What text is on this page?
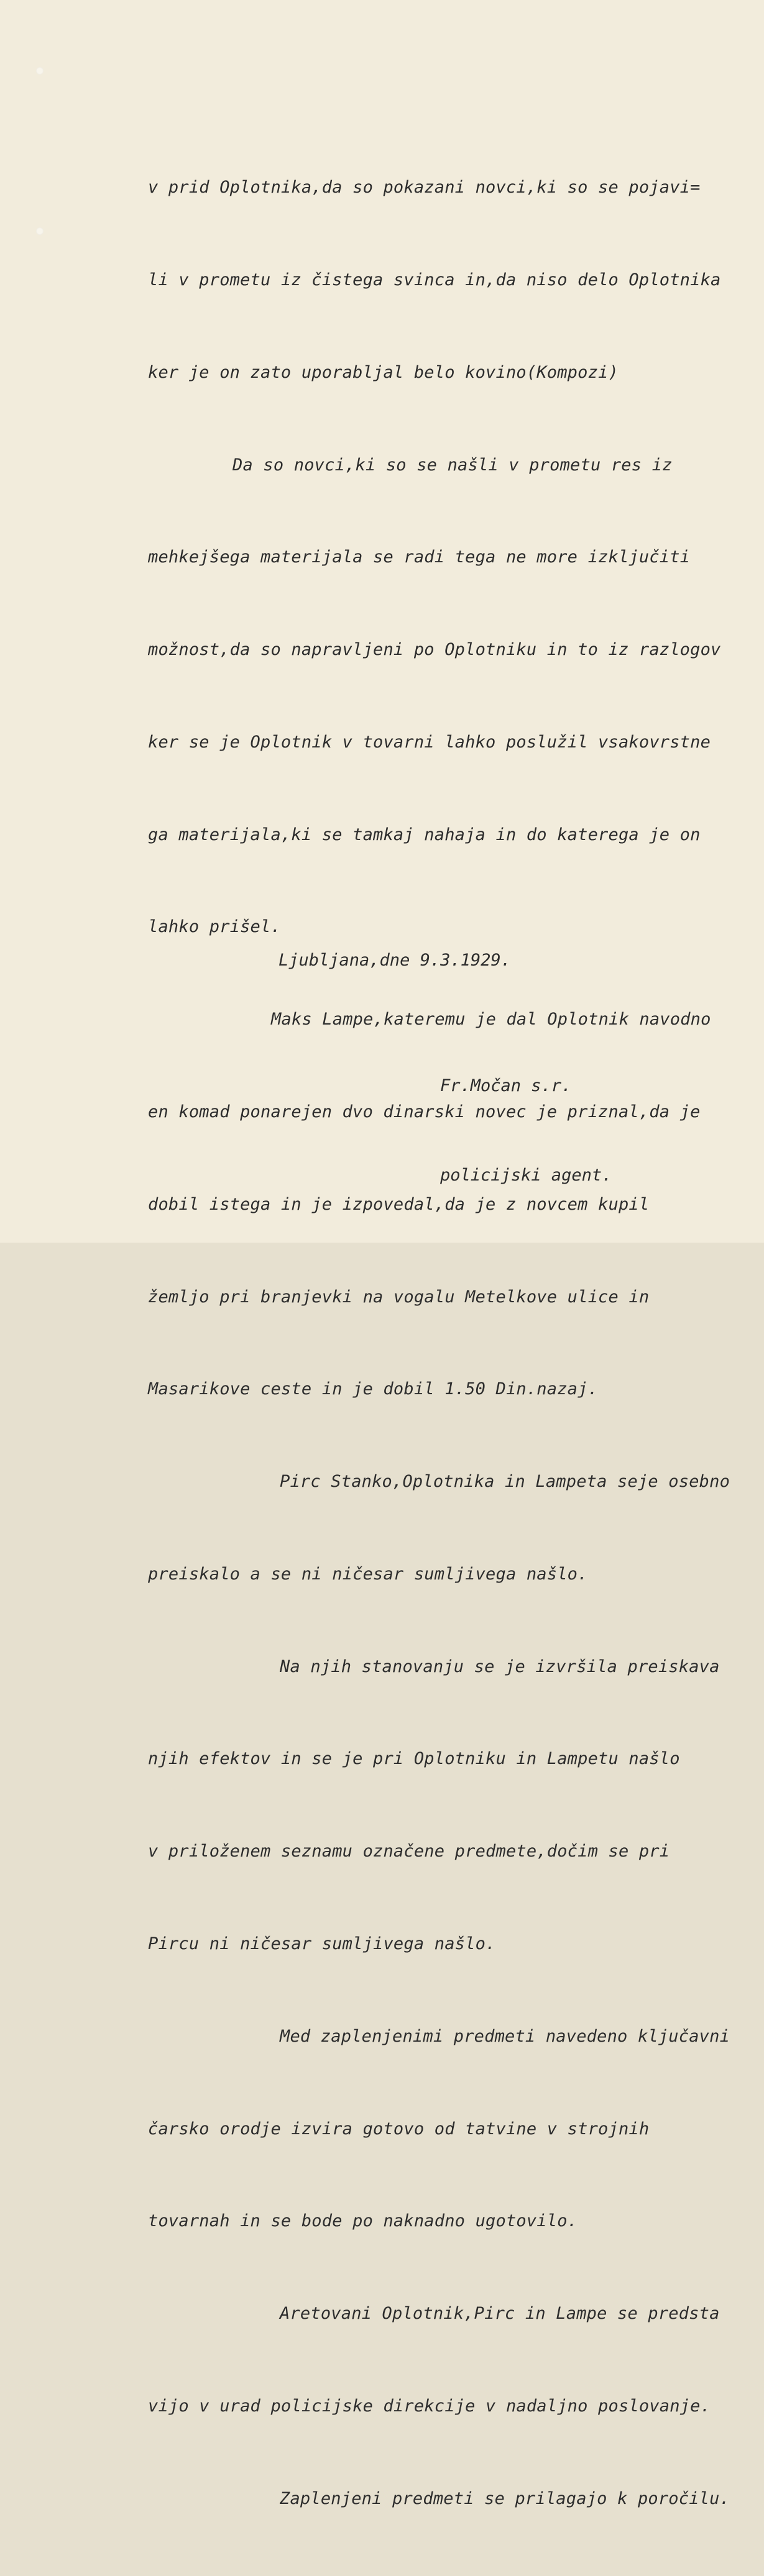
v prid Oplotnika,da so pokazani novci,ki so se pojavi=

li v prometu iz čistega svinca in,da niso delo Oplotnika

ker je on zato uporabljal belo kovino(Kompozi)

Da so novci,ki so se našli v prometu res iz

mehkejšega materijala se radi tega ne more izključiti

možnost,da so napravljeni po Oplotniku in to iz razlogov

ker se je Oplotnik v tovarni lahko poslužil vsakovrstne

ga materijala,ki se tamkaj nahaja in do katerega je on

lahko prišel.

Maks Lampe,kateremu je dal Oplotnik navodno

en komad ponarejen dvo dinarski novec je priznal,da je

dobil istega in je izpovedal,da je z novcem kupil

žemljo pri branjevki na vogalu Metelkove ulice in

Masarikove ceste in je dobil 1.50 Din.nazaj.

Pirc Stanko,Oplotnika in Lampeta seje osebno

preiskalo a se ni ničesar sumljivega našlo.

Na njih stanovanju se je izvršila preiskava

njih efektov in se je pri Oplotniku in Lampetu našlo

v priloženem seznamu označene predmete,dočim se pri

Pircu ni ničesar sumljivega našlo.

Med zaplenjenimi predmeti navedeno ključavni

čarsko orodje izvira gotovo od tatvine v strojnih

tovarnah in se bode po naknadno ugotovilo.

Aretovani Oplotnik,Pirc in Lampe se predsta

vijo v urad policijske direkcije v nadaljno poslovanje.

Zaplenjeni predmeti se prilagajo k poročilu.

Ljubljana,dne 9.3.1929.

Fr.Močan s.r.

policijski agent.
